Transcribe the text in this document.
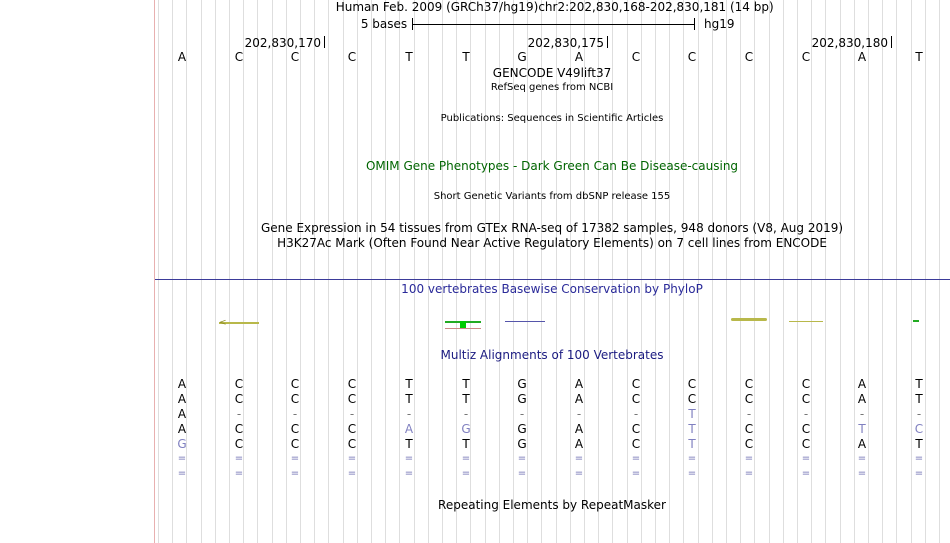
Human Feb. 2009 (GRCh37/hg19) chr2:202,830,168-202,830,181 (14 bp)
5 bases	hg19
202,830,170	202,830,175	202,830,180
A	C	C	C	T	T	G	A	C	C	C	C	A	T
GENCODE V49lift37
RefSeq genes from NCBI
Publications: Sequences in Scientific Articles
OMIM Gene Phenotypes - Dark Green Can Be Disease-causing
Short Genetic Variants from dbSNP release 155
Gene Expression in 54 tissues from GTEx RNA-seq of 17382 samples, 948 donors (V8, Aug 2019)
H3K27Ac Mark (Often Found Near Active Regulatory Elements) on 7 cell lines from ENCODE
100 vertebrates Basewise Conservation by PhyloP
<
Multiz Alignments of 100 Vertebrates
A	C	C	C	T	T	G	A	C	C	C	C	A	T
A	C	C	C	T	T	G	A	C	C	C	C	A	T
A	-	-	-	-	-	-	-	-	T	-	-	-	-
A	C	C	C	A	G	G	A	C	T	C	C	T	C
G	C	C	C	T	T	G	A	C	T	C	C	A	T
=	=	=	=	=	=	=	=	=	=	=	=	=	=
=	=	=	=	=	=	=	=	=	=	=	=	=	=
Repeating Elements by RepeatMasker
